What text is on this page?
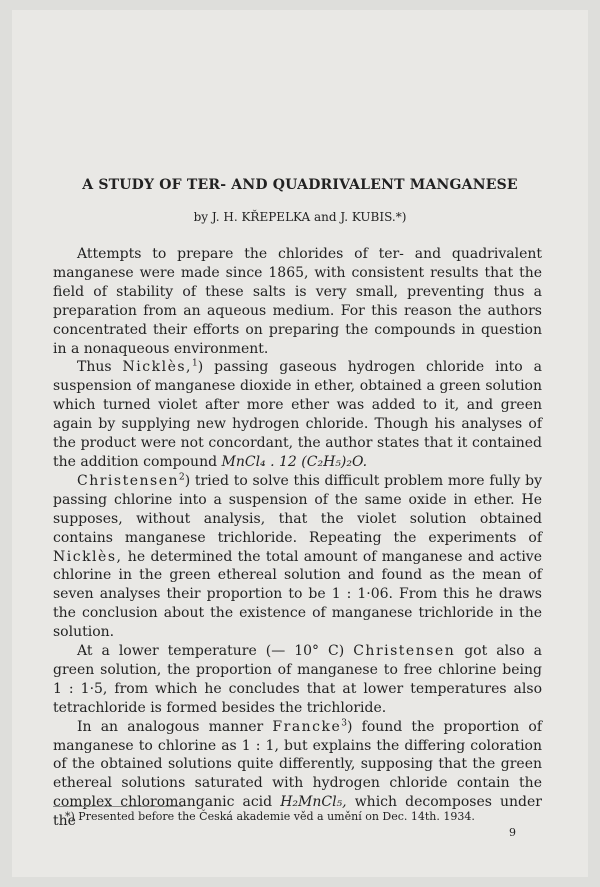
A STUDY OF TER- AND QUADRIVALENT MANGANESE
by J. H. KŘEPELKA and J. KUBIS.*)

Attempts to prepare the chlorides of ter- and quadrivalent manganese were made since 1865, with consistent results that the field of stability of these salts is very small, preventing thus a preparation from an aqueous medium. For this reason the authors concentrated their efforts on preparing the compounds in question in a nonaqueous environment.

Thus Nicklès,$^1$) passing gaseous hydrogen chloride into a suspension of manganese dioxide in ether, obtained a green solution which turned violet after more ether was added to it, and green again by supplying new hydrogen chloride. Though his analyses of the product were not concordant, the author states that it contained the addition compound MnCl₄ . 12 (C₂H₅)₂O.

Christensen$^2$) tried to solve this difficult problem more fully by passing chlorine into a suspension of the same oxide in ether. He supposes, without analysis, that the violet solution obtained contains manganese trichloride. Repeating the experiments of Nicklès, he determined the total amount of manganese and active chlorine in the green ethereal solution and found as the mean of seven analyses their proportion to be 1 : 1·06. From this he draws the conclusion about the existence of manganese trichloride in the solution.

At a lower temperature (— 10° C) Christensen got also a green solution, the proportion of manganese to free chlorine being 1 : 1·5, from which he concludes that at lower temperatures also tetrachloride is formed besides the trichloride.

In an analogous manner Francke$^3$) found the proportion of manganese to chlorine as 1 : 1, but explains the differing coloration of the obtained solutions quite differently, supposing that the green ethereal solutions saturated with hydrogen chloride contain the complex chloromanganic acid H₂MnCl₅, which decomposes under the

*) Presented before the Česká akademie věd a umění on Dec. 14th. 1934.
9
